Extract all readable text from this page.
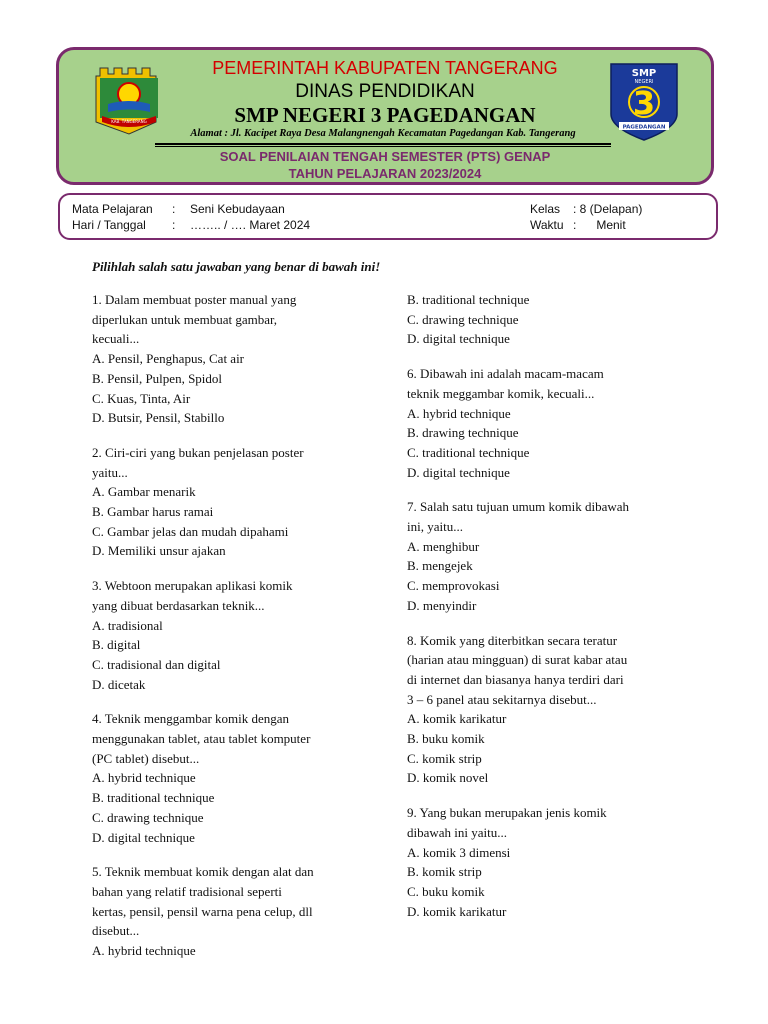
KAB. TANGERANG
PEMERINTAH KABUPATEN TANGERANG
DINAS PENDIDIKAN
SMP NEGERI 3 PAGEDANGAN
Alamat : Jl. Kacipet Raya Desa Malangnengah Kecamatan Pagedangan Kab. Tangerang
SOAL PENILAIAN TENGAH SEMESTER (PTS) GENAP
TAHUN PELAJARAN 2023/2024
SMP
NEGERI
3
PAGEDANGAN
Mata Pelajaran : Seni Kebudayaan
Hari / Tanggal : …….. / …. Maret 2024
Kelas : 8 (Delapan)
Waktu :      Menit
Pilihlah salah satu jawaban yang benar di bawah ini!

1. Dalam membuat poster manual yang

diperlukan untuk membuat gambar,

kecuali...

A. Pensil, Penghapus, Cat air

B. Pensil, Pulpen, Spidol

C. Kuas, Tinta, Air

D. Butsir, Pensil, Stabillo

2. Ciri-ciri yang bukan penjelasan poster

yaitu...

A. Gambar menarik

B. Gambar harus ramai

C. Gambar jelas dan mudah dipahami

D. Memiliki unsur ajakan

3. Webtoon merupakan aplikasi komik

yang dibuat berdasarkan teknik...

A. tradisional

B. digital

C. tradisional dan digital

D. dicetak

4. Teknik menggambar komik dengan

menggunakan tablet, atau tablet komputer

(PC tablet) disebut...

A. hybrid technique

B. traditional technique

C. drawing technique

D. digital technique

5. Teknik membuat komik dengan alat dan

bahan yang relatif tradisional seperti

kertas, pensil, pensil warna pena celup, dll

disebut...

A. hybrid technique

B. traditional technique

C. drawing technique

D. digital technique

6. Dibawah ini adalah macam-macam

teknik meggambar komik, kecuali...

A. hybrid technique

B. drawing technique

C. traditional technique

D. digital technique

7. Salah satu tujuan umum komik dibawah

ini, yaitu...

A. menghibur

B. mengejek

C. memprovokasi

D. menyindir

8. Komik yang diterbitkan secara teratur

(harian atau mingguan) di surat kabar atau

di internet dan biasanya hanya terdiri dari

3 – 6 panel atau sekitarnya disebut...

A. komik karikatur

B. buku komik

C. komik strip

D. komik novel

9. Yang bukan merupakan jenis komik

dibawah ini yaitu...

A. komik 3 dimensi

B. komik strip

C. buku komik

D. komik karikatur
